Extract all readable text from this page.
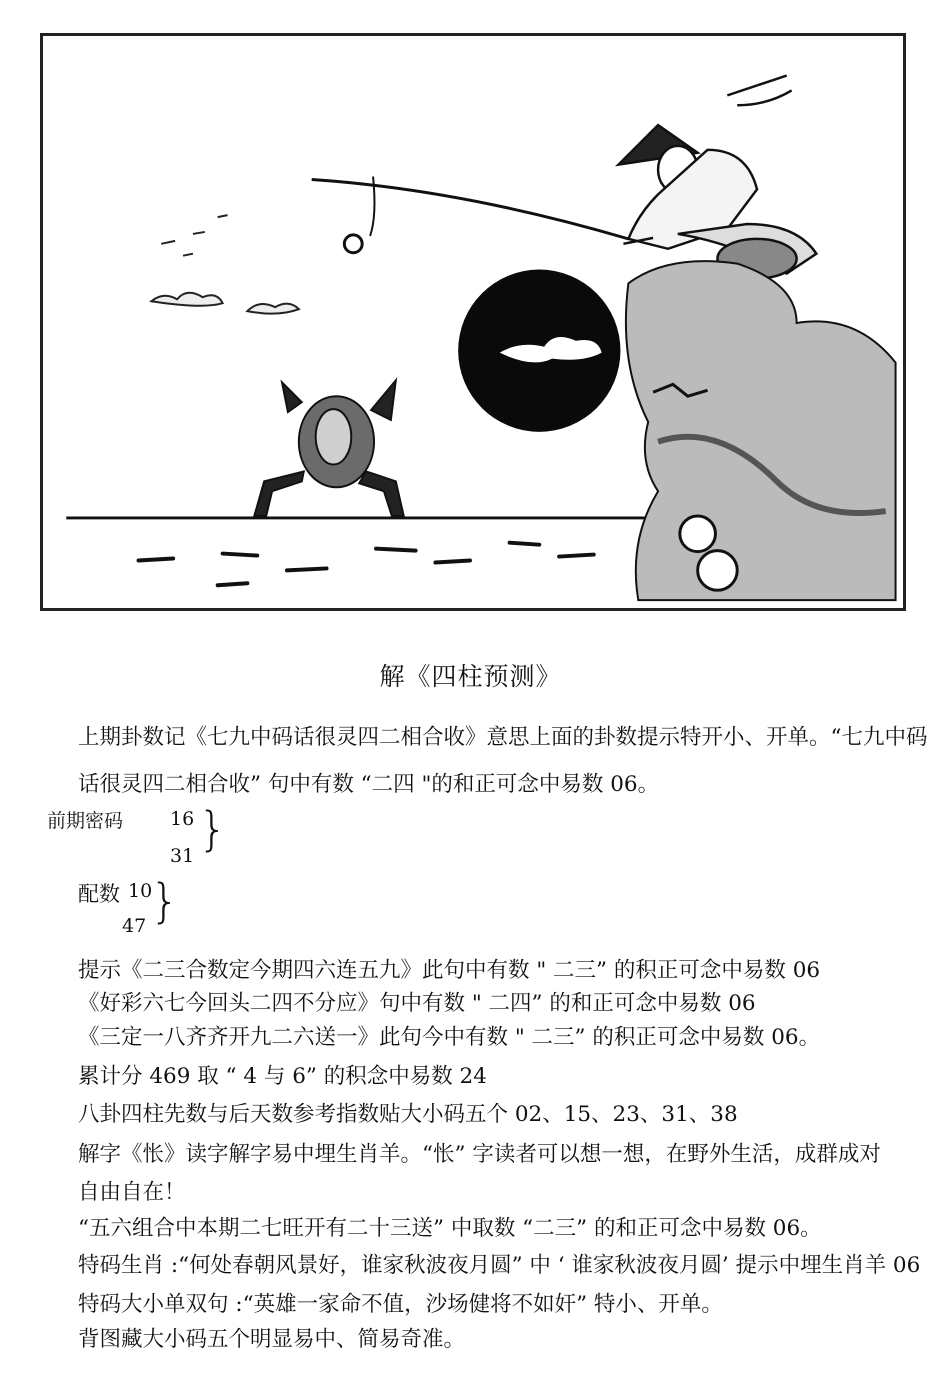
解《四柱预测》
上期卦数记《七九中码话很灵四二相合收》意思上面的卦数提示特开小、开单。“七九中码
话很灵四二相合收” 句中有数 “二四 "的和正可念中易数 06。
前期密码 16
31 }
配数 10
47 }
提示《二三合数定今期四六连五九》此句中有数 " 二三” 的积正可念中易数 06
《好彩六七今回头二四不分应》句中有数 " 二四” 的和正可念中易数 06
《三定一八齐齐开九二六送一》此句今中有数 " 二三” 的积正可念中易数 06。
累计分 469 取 “ 4 与 6” 的积念中易数 24
八卦四柱先数与后天数参考指数贴大小码五个 02、15、23、31、38
解字《怅》读字解字易中埋生肖羊。“怅” 字读者可以想一想，在野外生活，成群成对
自由自在！
“五六组合中本期二七旺开有二十三送” 中取数 “二三” 的和正可念中易数 06。
特码生肖 :“何处春朝风景好，谁家秋波夜月圆” 中 ‘ 谁家秋波夜月圆’ 提示中埋生肖羊 06
特码大小单双句 :“英雄一家命不值，沙场健将不如奸” 特小、开单。
背图藏大小码五个明显易中、简易奇准。
